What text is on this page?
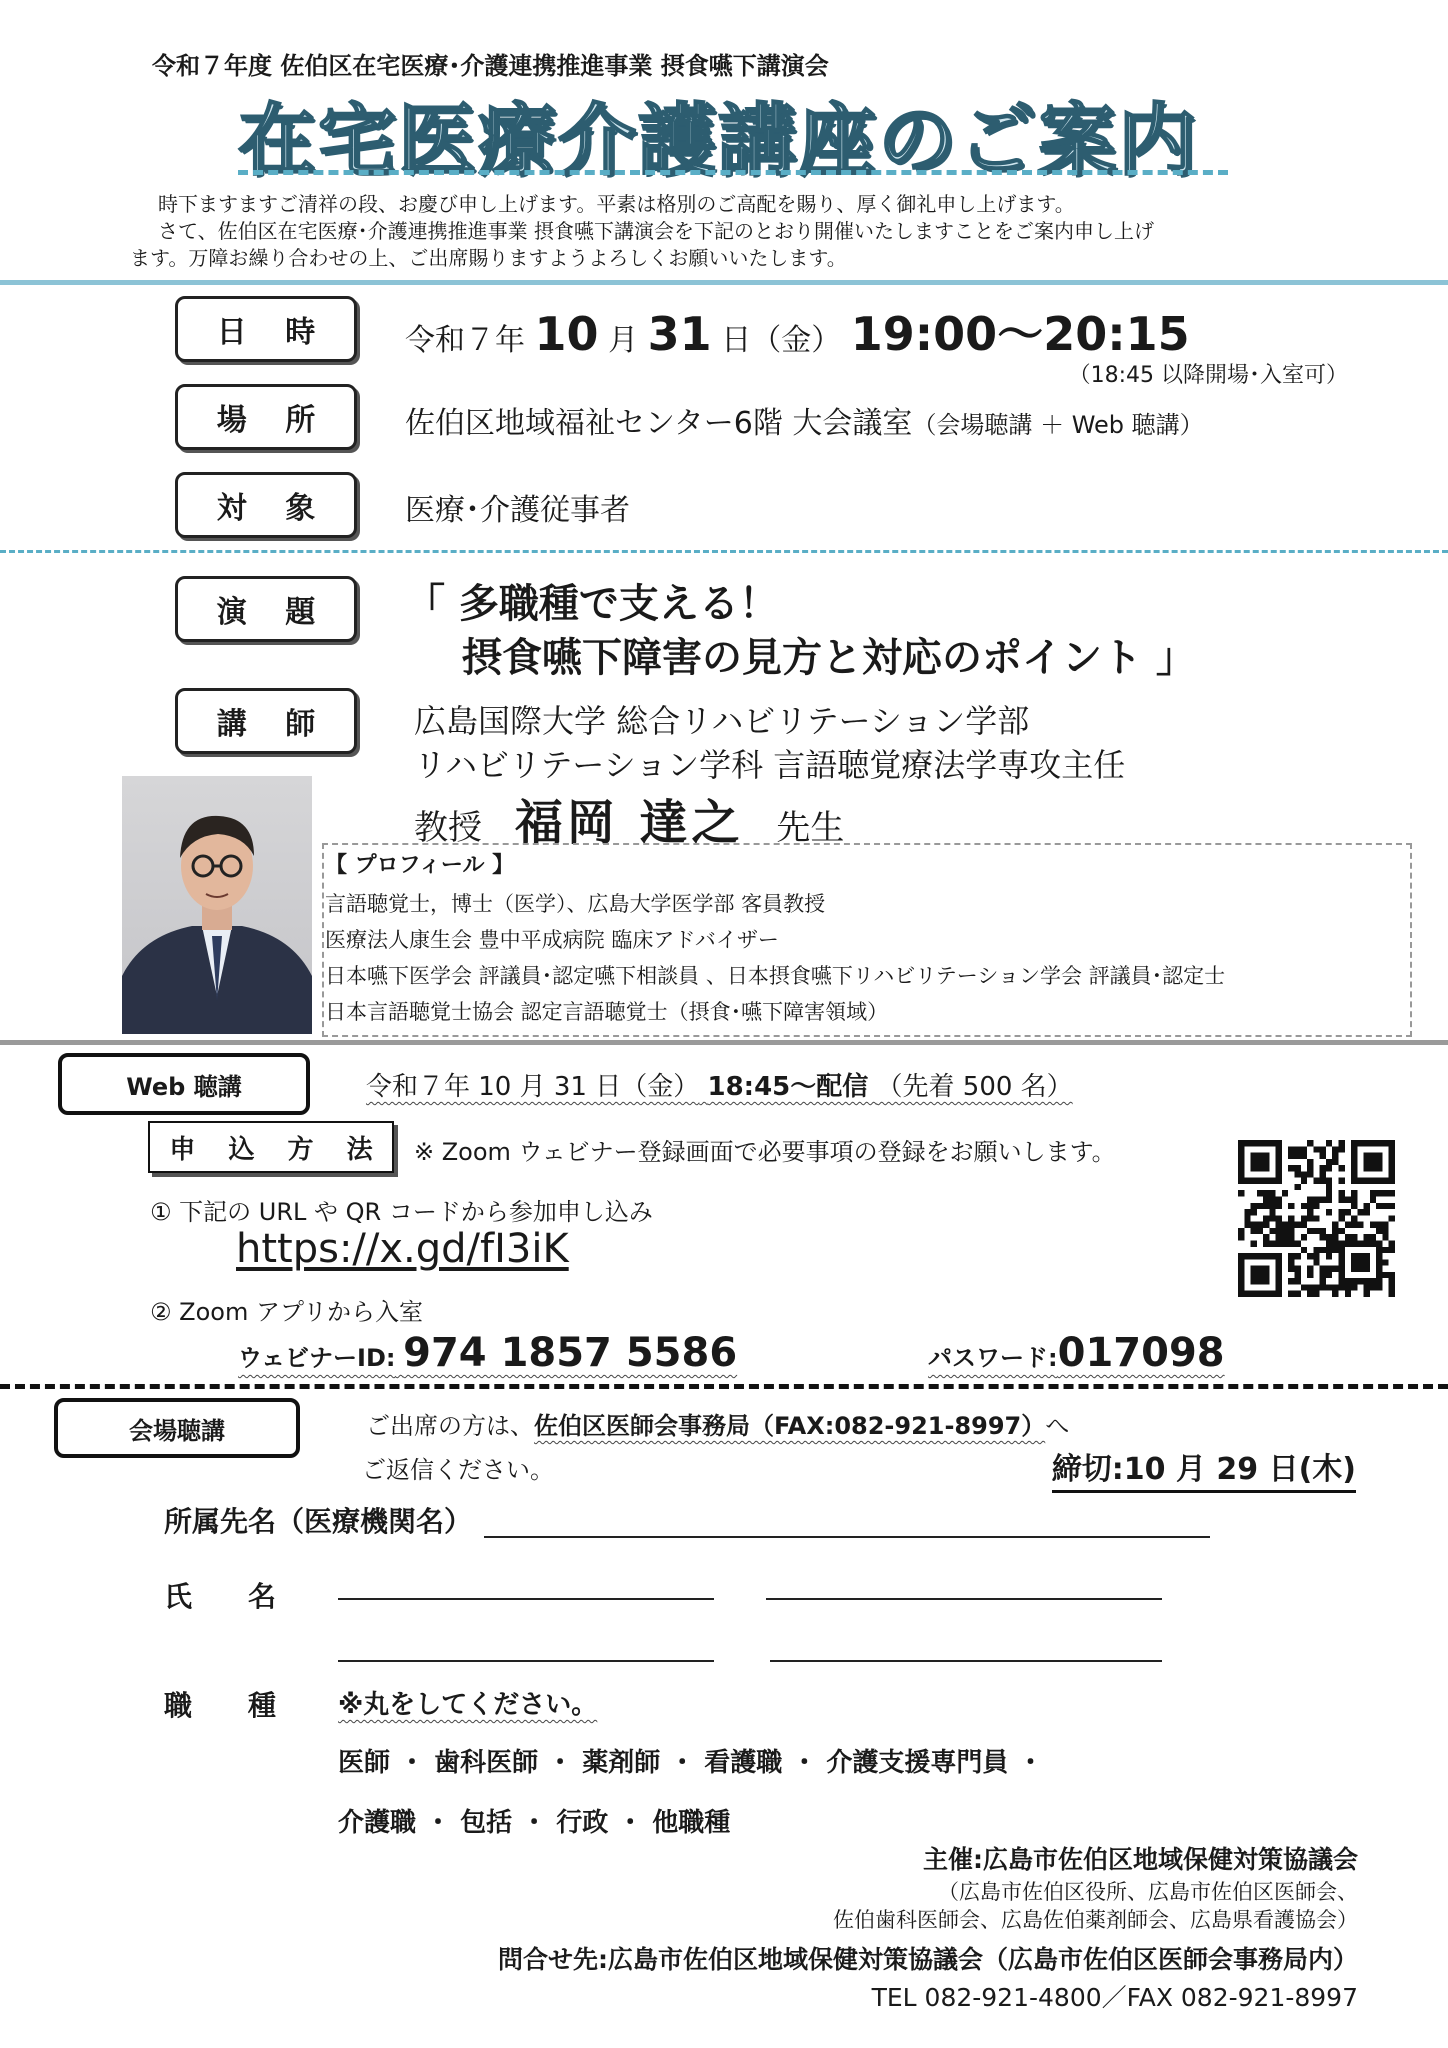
令和７年度 佐伯区在宅医療･介護連携推進事業 摂食嚥下講演会
在宅医療介護講座のご案内
時下ますますご清祥の段、お慶び申し上げます。平素は格別のご高配を賜り、厚く御礼申し上げます。
さて、佐伯区在宅医療･介護連携推進事業 摂食嚥下講演会を下記のとおり開催いたしますことをご案内申し上げ
ます。万障お繰り合わせの上、ご出席賜りますようよろしくお願いいたします。
日 時	令和７年 10 月 31 日（金） 19:00〜20:15
（18:45 以降開場･入室可）
場 所	佐伯区地域福祉センター6階 大会議室（会場聴講 ＋ Web 聴講）
対 象	医療･介護従事者
演 題 「 多職種で支える！
摂食嚥下障害の見方と対応のポイント 」
講 師	広島国際大学 総合リハビリテーション学部
リハビリテーション学科 言語聴覚療法学専攻主任
教授 福岡 達之 先生
【 プロフィール 】
言語聴覚士，博士（医学）、広島大学医学部 客員教授
医療法人康生会 豊中平成病院 臨床アドバイザー
日本嚥下医学会 評議員･認定嚥下相談員 、日本摂食嚥下リハビリテーション学会 評議員･認定士
日本言語聴覚士協会 認定言語聴覚士（摂食･嚥下障害領域）
Web 聴講	令和７年 10 月 31 日（金） 18:45〜配信 （先着 500 名）
申 込 方 法 ※ Zoom ウェビナー登録画面で必要事項の登録をお願いします。
① 下記の URL や QR コードから参加申し込み
https://x.gd/fI3iK
② Zoom アプリから入室
ウェビナーID: 974 1857 5586	パスワード:017098
会場聴講	ご出席の方は、佐伯区医師会事務局（FAX:082-921-8997）へ
ご返信ください。	締切:10 月 29 日(木)
所属先名（医療機関名）
氏　　名
職　　種 ※丸をしてください。
医師 ・ 歯科医師 ・ 薬剤師 ・ 看護職 ・ 介護支援専門員 ・
介護職 ・ 包括 ・ 行政 ・ 他職種
主催:広島市佐伯区地域保健対策協議会
（広島市佐伯区役所、広島市佐伯区医師会、
佐伯歯科医師会、広島佐伯薬剤師会、広島県看護協会）
問合せ先:広島市佐伯区地域保健対策協議会（広島市佐伯区医師会事務局内）
TEL 082-921-4800／FAX 082-921-8997
